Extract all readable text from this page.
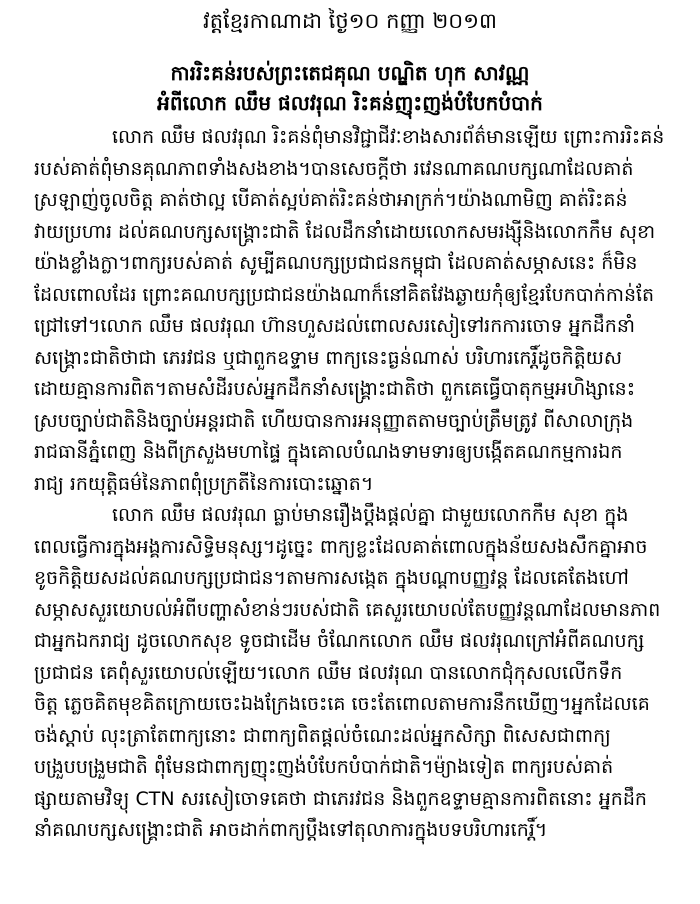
វត្តខ្មែរកាណាដា ថ្ងៃ១០ កញ្ញា ២០១៣
ការរិះគន់របស់ព្រះតេជគុណ បណ្ឌិត ហុក សាវណ្ណ
អំពីលោក ឈឹម ផលវរុណ រិះគន់ញុះញង់បំបែកបំបាក់
លោក ឈឹម ផលវរុណ រិះគន់ពុំមានវិជ្ជាជីវៈខាងសារព័ត៌មានឡើយ ព្រោះការរិះគន់
របស់គាត់ពុំមានគុណភាពទាំងសងខាង។បានសេចក្ដីថា រវេនណាគណបក្សណាដែលគាត់
ស្រឡាញ់ចូលចិត្ត គាត់ថាល្អ បើគាត់ស្អប់គាត់រិះគន់ថាអាក្រក់។យ៉ាងណាមិញ គាត់រិះគន់
វាយប្រហារ ដល់គណបក្សសង្គ្រោះជាតិ ដែលដឹកនាំដោយលោកសមរង្ស៊ីនិងលោកកឹម សុខា
យ៉ាងខ្លាំងក្លា។ពាក្យរបស់គាត់ សូម្បីគណបក្សប្រជាជនកម្ពុជា ដែលគាត់សម្ភាសនេះ ក៏មិន
ដែលពោលដែរ ព្រោះគណបក្សប្រជាជនយ៉ាងណាក៏នៅគិតវែងឆ្ងាយកុំឲ្យខ្មែរបែកបាក់កាន់តែ
ជ្រៅទៅ។លោក ឈឹម ផលវរុណ ហ៊ានហួសដល់ពោលសរសៀទៅរកការចោទ អ្នកដឹកនាំ
សង្គ្រោះជាតិថាជា ភេរវជន ឬជាពួកឧទ្ទាម ពាក្យនេះធ្ងន់ណាស់ បរិហារកេរ្តិ៍ដូចកិត្តិយស
ដោយគ្មានការពិត។តាមសំដីរបស់អ្នកដឹកនាំសង្គ្រោះជាតិថា ពួកគេធ្វើបាតុកម្មអហិង្សានេះ
ស្របច្បាប់ជាតិនិងច្បាប់អន្តរជាតិ ហើយបានការអនុញ្ញាតតាមច្បាប់ត្រឹមត្រូវ ពីសាលាក្រុង
រាជធានីភ្នំពេញ និងពីក្រសួងមហាផ្ទៃ ក្នុងគោលបំណងទាមទារឲ្យបង្កើតគណកម្មការឯក
រាជ្យ រកយុត្តិធម៌នៃភាពពុំប្រក្រតីនៃការបោះឆ្នោត។
លោក ឈឹម ផលវរុណ ធ្លាប់មានរឿងប្ដឹងផ្ដល់គ្នា ជាមួយលោកកឹម សុខា ក្នុង
ពេលធ្វើការក្នុងអង្គការសិទ្ធិមនុស្ស។ដូច្នេះ ពាក្យខ្លះដែលគាត់ពោលក្នុងន័យសងសឹកគ្នាអាច
ខូចកិត្តិយសដល់គណបក្សប្រជាជន។តាមការសង្កេត ក្នុងបណ្ដាបញ្ញវន្ត ដែលគេតែងហៅ
សម្ភាសសួរយោបល់អំពីបញ្ហាសំខាន់ៗរបស់ជាតិ គេសួរយោបល់តែបញ្ញវន្តណាដែលមានភាព
ជាអ្នកឯករាជ្យ ដូចលោកសុខ ទូចជាដើម ចំណែកលោក ឈឹម ផលវរុណក្រៅអំពីគណបក្ស
ប្រជាជន គេពុំសួរយោបល់ឡើយ។លោក ឈឹម ផលវរុណ បានលោកជុំកុសលលើកទឹក
ចិត្ត ភ្លេចគិតមុខគិតក្រោយចេះឯងក្រែងចេះគេ ចេះតែពោលតាមការនឹកឃើញ។អ្នកដែលគេ
ចង់ស្ដាប់ លុះត្រាតែពាក្យនោះ ជាពាក្យពិតផ្ដល់ចំណេះដល់អ្នកសិក្សា ពិសេសជាពាក្យ
បង្រួបបង្រួមជាតិ ពុំមែនជាពាក្យញុះញង់បំបែកបំបាក់ជាតិ។ម៉្យាងទៀត ពាក្យរបស់គាត់
ផ្សាយតាមវិទ្យុ CTN សរសៀចោទគេថា ជាភេរវជន និងពួកឧទ្ទាមគ្មានការពិតនោះ អ្នកដឹក
នាំគណបក្សសង្គ្រោះជាតិ អាចដាក់ពាក្យប្ដឹងទៅតុលាការក្នុងបទបរិហារកេរ្តិ៍។
